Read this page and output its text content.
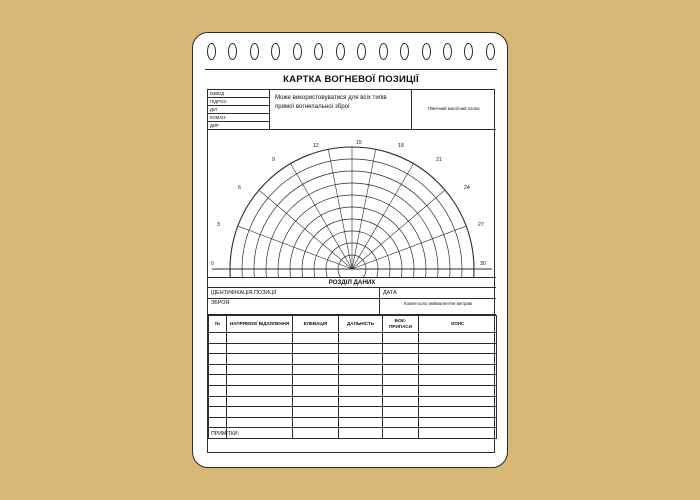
КАРТКА ВОГНЕВОЇ ПОЗИЦІЇ
ВЗВОД
ПІДРОЗ-
ДІЛ
КОМАН-
ДИР
Може використовуватися для всіх типів прямої вогнепальної зброї	Північний магнітний полюс
0
3
6
9
12	15	18
21
24
27
30
РОЗДІЛ ДАНИХ
ІДЕНТИФІКАЦІЯ ПОЗИЦІЇ	ДАТА
ЗБРОЯ	Кожне коло еквівалентне метрам
№	НАПРЯМОК/ ВІДХИЛЕННЯ	ЕЛЕВАЦІЯ	ДАЛЬНІСТЬ	БОЄ- ПРИПАСИ	ОПИС

ПРИМІТКИ:
